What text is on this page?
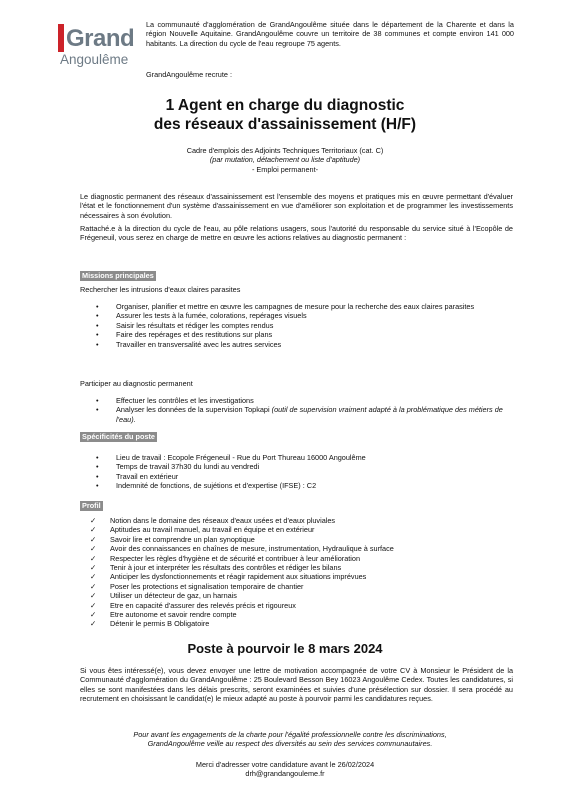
Grand
Angoulême
La communauté d'agglomération de GrandAngoulême située dans le département de la Charente et dans la région Nouvelle Aquitaine. GrandAngoulême couvre un territoire de 38 communes et compte environ 141 000 habitants. La direction du cycle de l'eau regroupe 75 agents.
GrandAngoulême recrute :
1 Agent en charge du diagnostic
des réseaux d'assainissement (H/F)
Cadre d'emplois des Adjoints Techniques Territoriaux (cat. C)
(par mutation, détachement ou liste d'aptitude)
- Emploi permanent-
Le diagnostic permanent des réseaux d'assainissement est l'ensemble des moyens et pratiques mis en œuvre permettant d'évaluer l'état et le fonctionnement d'un système d'assainissement en vue d'améliorer son exploitation et de programmer les investissements nécessaires à son évolution.
Rattaché.e à la direction du cycle de l'eau, au pôle relations usagers, sous l'autorité du responsable du service situé à l'Ecopôle de Frégeneuil, vous serez en charge de mettre en œuvre les actions relatives au diagnostic permanent :
Missions principales
Rechercher les intrusions d'eaux claires parasites
• Organiser, planifier et mettre en œuvre les campagnes de mesure pour la recherche des eaux claires parasites
• Assurer les tests à la fumée, colorations, repérages visuels
• Saisir les résultats et rédiger les comptes rendus
• Faire des repérages et des restitutions sur plans
• Travailler en transversalité avec les autres services
Participer au diagnostic permanent
• Effectuer les contrôles et les investigations
• Analyser les données de la supervision Topkapi (outil de supervision vraiment adapté à la problématique des métiers de l'eau).
Spécificités du poste
• Lieu de travail : Ecopole Frégeneuil - Rue du Port Thureau 16000 Angoulême
• Temps de travail 37h30 du lundi au vendredi
• Travail en extérieur
• Indemnité de fonctions, de sujétions et d'expertise (IFSE) : C2
Profil
✓ Notion dans le domaine des réseaux d'eaux usées et d'eaux pluviales
✓ Aptitudes au travail manuel, au travail en équipe et en extérieur
✓ Savoir lire et comprendre un plan synoptique
✓ Avoir des connaissances en chaînes de mesure, instrumentation, Hydraulique à surface
✓ Respecter les règles d'hygiène et de sécurité et contribuer à leur amélioration
✓ Tenir à jour et interpréter les résultats des contrôles et rédiger les bilans
✓ Anticiper les dysfonctionnements et réagir rapidement aux situations imprévues
✓ Poser les protections et signalisation temporaire de chantier
✓ Utiliser un détecteur de gaz, un harnais
✓ Etre en capacité d'assurer des relevés précis et rigoureux
✓ Etre autonome et savoir rendre compte
✓ Détenir le permis B Obligatoire
Poste à pourvoir le 8 mars 2024
Si vous êtes intéressé(e), vous devez envoyer une lettre de motivation accompagnée de votre CV à Monsieur le Président de la Communauté d'agglomération du GrandAngoulême : 25 Boulevard Besson Bey 16023 Angoulême Cedex. Toutes les candidatures, si elles se sont manifestées dans les délais prescrits, seront examinées et suivies d'une présélection sur dossier. Il sera procédé au recrutement en choisissant le candidat(e) le mieux adapté au poste à pourvoir parmi les candidatures reçues.
Pour avant les engagements de la charte pour l'égalité professionnelle contre les discriminations,
GrandAngoulême veille au respect des diversités au sein des services communautaires.
Merci d'adresser votre candidature avant le 26/02/2024
drh@grandangouleme.fr
